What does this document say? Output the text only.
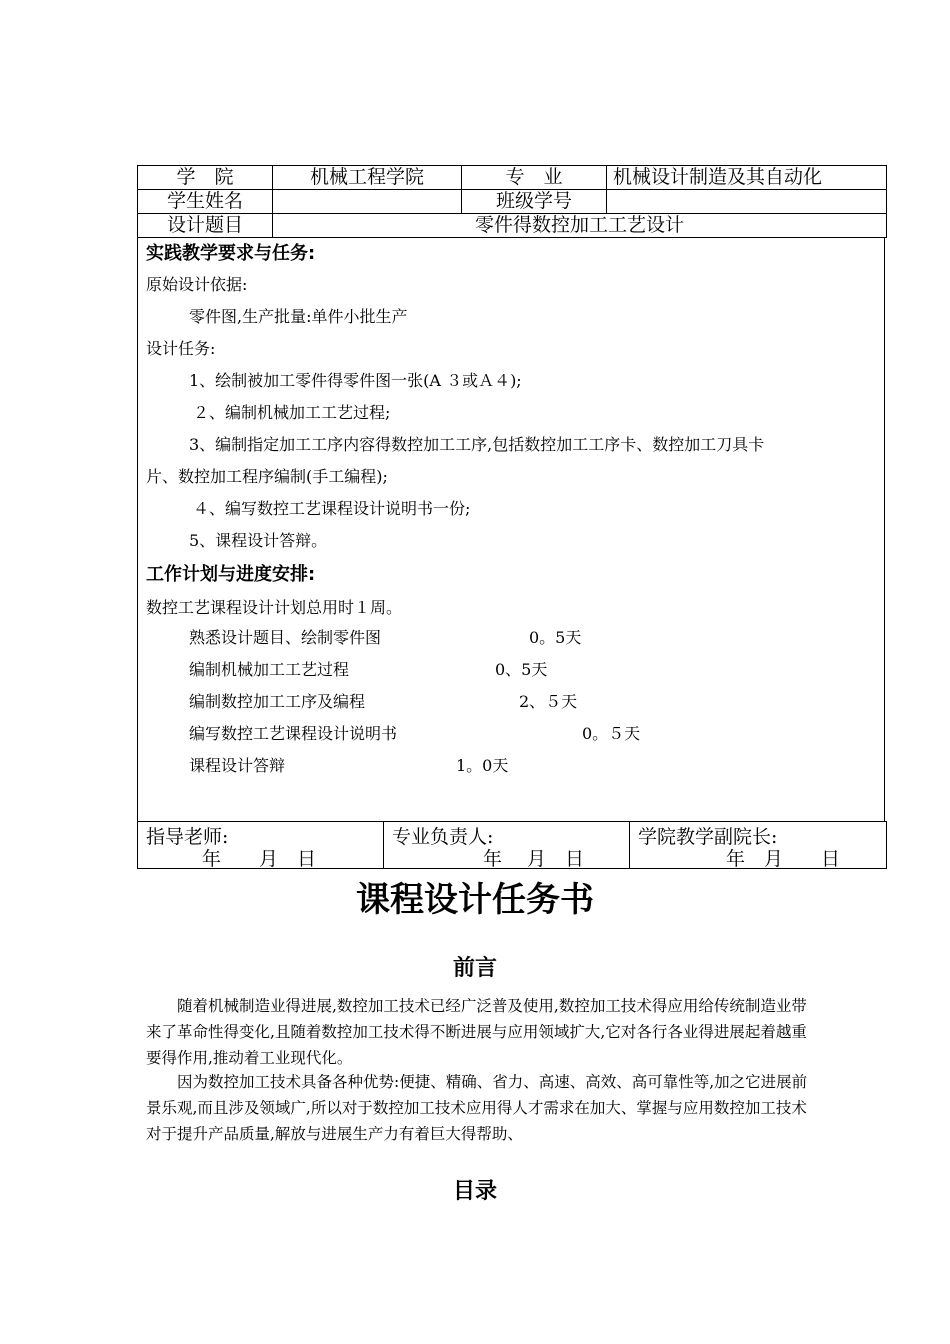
学　院	机械工程学院	专　业	机械设计制造及其自动化
学生姓名		班级学号	
设计题目	零件得数控加工工艺设计		
实践教学要求与任务:
原始设计依据:
零件图,生产批量:单件小批生产
设计任务:
1、绘制被加工零件得零件图一张(A ３或Ａ４);
２、编制机械加工工艺过程;
3、编制指定加工工序内容得数控加工工序,包括数控加工工序卡、数控加工刀具卡
片、数控加工程序编制(手工编程);
４、编写数控工艺课程设计说明书一份;
5、课程设计答辩。
工作计划与进度安排:
数控工艺课程设计计划总用时１周。
熟悉设计题目、绘制零件图	0。5天
编制机械加工工艺过程	0、5天
编制数控加工工序及编程	2、５天
编写数控工艺课程设计说明书	0。５天
课程设计答辩	1。0天
指导老师:
年　　月　日

专业负责人:
年　 月　日

学院教学副院长:
年　月　　日
课程设计任务书
前言
随着机械制造业得进展,数控加工技术已经广泛普及使用,数控加工技术得应用给传统制造业带来了革命性得变化,且随着数控加工技术得不断进展与应用领域扩大,它对各行各业得进展起着越重要得作用,推动着工业现代化。
因为数控加工技术具备各种优势:便捷、精确、省力、高速、高效、高可靠性等,加之它进展前景乐观,而且涉及领域广,所以对于数控加工技术应用得人才需求在加大、掌握与应用数控加工技术对于提升产品质量,解放与进展生产力有着巨大得帮助、
目录
